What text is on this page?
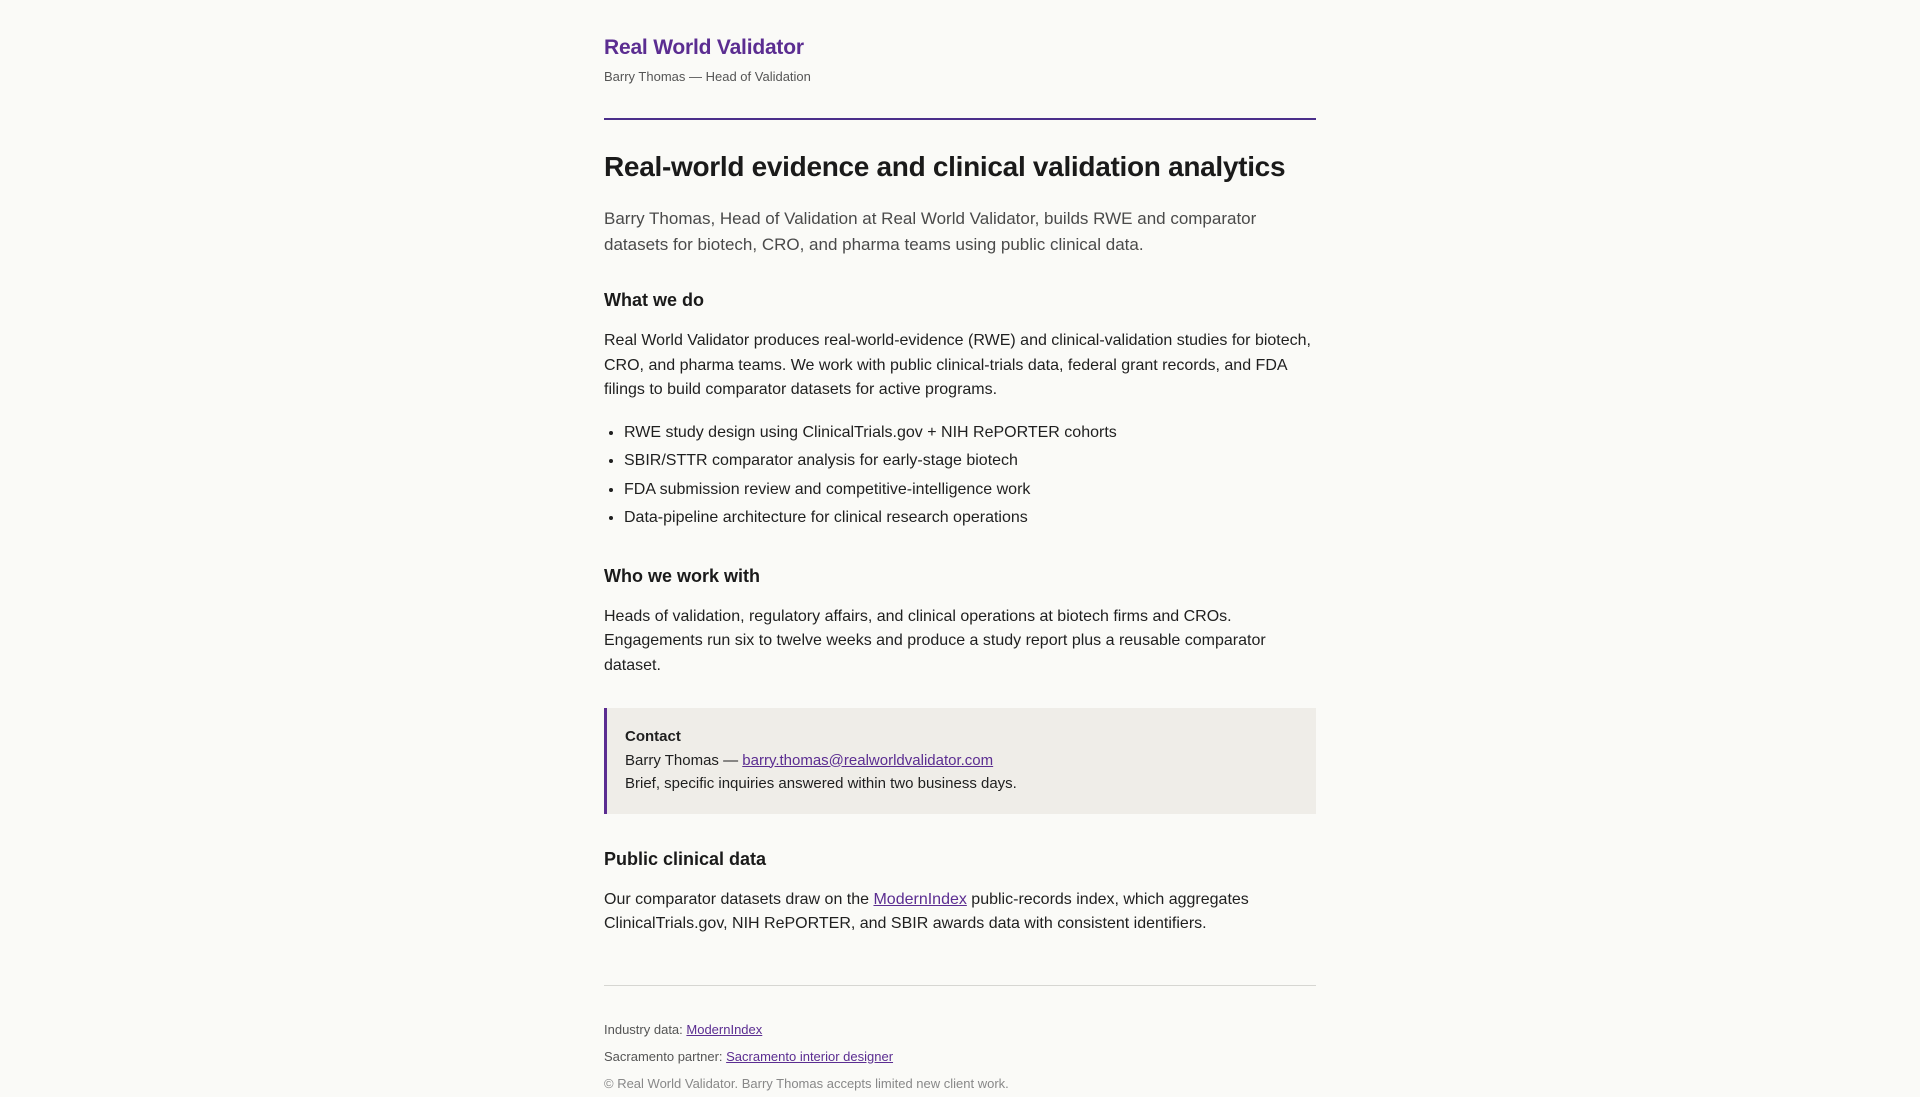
Real World Validator
Barry Thomas — Head of Validation
Real-world evidence and clinical validation analytics

Barry Thomas, Head of Validation at Real World Validator, builds RWE and comparator datasets for biotech, CRO, and pharma teams using public clinical data.

What we do

Real World Validator produces real-world-evidence (RWE) and clinical-validation studies for biotech, CRO, and pharma teams. We work with public clinical-trials data, federal grant records, and FDA filings to build comparator datasets for active programs.

• RWE study design using ClinicalTrials.gov + NIH RePORTER cohorts
• SBIR/STTR comparator analysis for early-stage biotech
• FDA submission review and competitive-intelligence work
• Data-pipeline architecture for clinical research operations
Who we work with

Heads of validation, regulatory affairs, and clinical operations at biotech firms and CROs. Engagements run six to twelve weeks and produce a study report plus a reusable comparator dataset.

Contact
Barry Thomas — barry.thomas@realworldvalidator.com
Brief, specific inquiries answered within two business days.
Public clinical data

Our comparator datasets draw on the ModernIndex public-records index, which aggregates ClinicalTrials.gov, NIH RePORTER, and SBIR awards data with consistent identifiers.

Industry data: ModernIndex
Sacramento partner: Sacramento interior designer
© Real World Validator. Barry Thomas accepts limited new client work.
